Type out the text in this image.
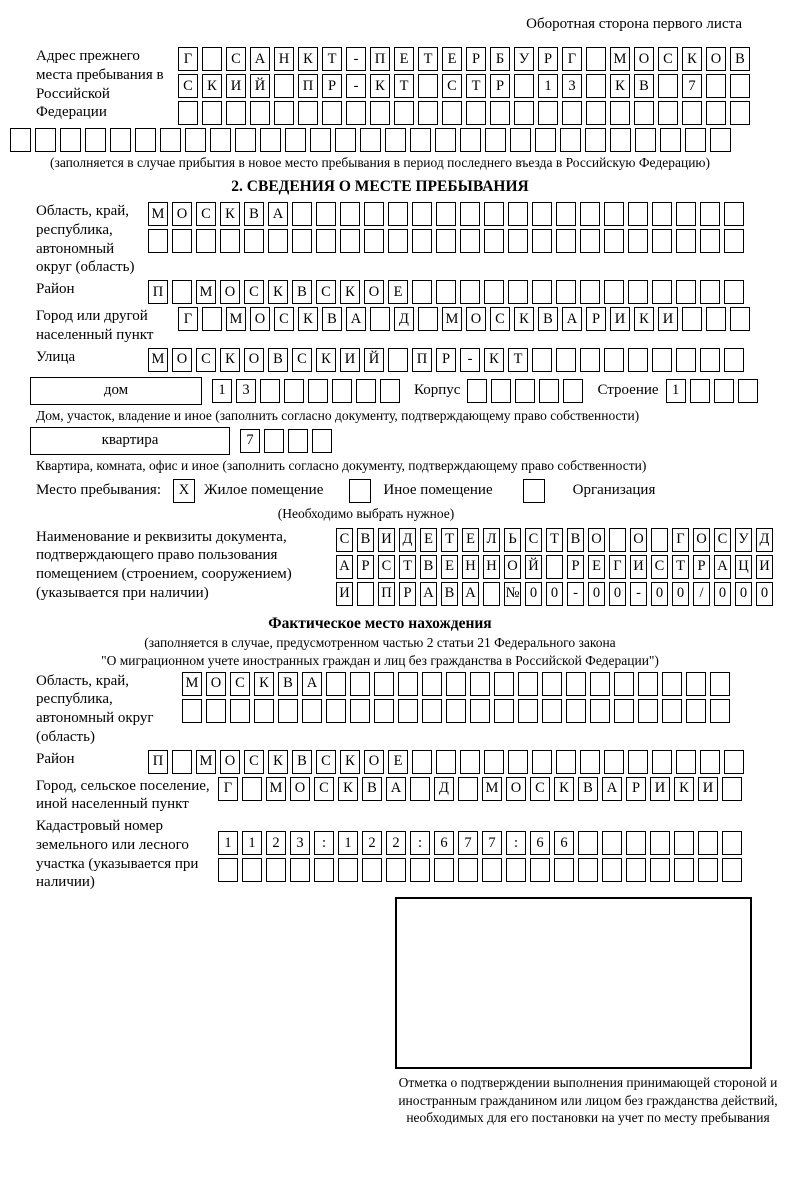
Оборотная сторона первого листа
Адрес прежнего места пребывания в Российской Федерации
Г	С А Н К	Т	-	П Е	Т	Е	Р	Б	У	Р	Г	М О С К О В
С К И Й	П	Р	-	К	Т	С	Т	Р	1	3	К В	7
(заполняется в случае прибытия в новое место пребывания в период последнего въезда в Российскую Федерацию)
2. СВЕДЕНИЯ О МЕСТЕ ПРЕБЫВАНИЯ
Область, край, республика, автономный округ (область)
М О С К В А
Район	П	М О С К В С К О Е
Город или другой населенный пункт
Г	М О С К В А	Д	М О С К В А	Р	И К И
Улица	М О С К О В С К И Й	П	Р	-	К	Т
дом	1	3	Корпус	Строение 1
Дом, участок, владение и иное (заполнить согласно документу, подтверждающему право собственности)
квартира	7
Квартира, комната, офис и иное (заполнить согласно документу, подтверждающему право собственности)
Место пребывания:	X Жилое помещение	Иное помещение	Организация
(Необходимо выбрать нужное)
Наименование и реквизиты документа, подтверждающего право пользования помещением (строением, сооружением) (указывается при наличии)
С В И Д Е Т Е Л Ь С Т В О О Г О С У Д
А Р С Т В Е Н Н О Й	Р Е Г И С Т Р А Ц И
И П Р А В А № 0 0	-	0 0	-	0 0	/	0 0 0
Фактическое место нахождения
(заполняется в случае, предусмотренном частью 2 статьи 21 Федерального закона
"О миграционном учете иностранных граждан и лиц без гражданства в Российской Федерации")
Область, край, республика, автономный округ (область)
М О С К В А
Район	П	М О С К В С К О Е
Город, сельское поселение, иной населенный пункт
Г	М О С К В А	Д	М О С К В А	Р	И К И
Кадастровый номер земельного или лесного участка (указывается при наличии)
1	1	2	3	:	1	2	2	:	6	7	7	:	6	6
Отметка о подтверждении выполнения принимающей стороной и иностранным гражданином или лицом без гражданства действий, необходимых для его постановки на учет по месту пребывания
